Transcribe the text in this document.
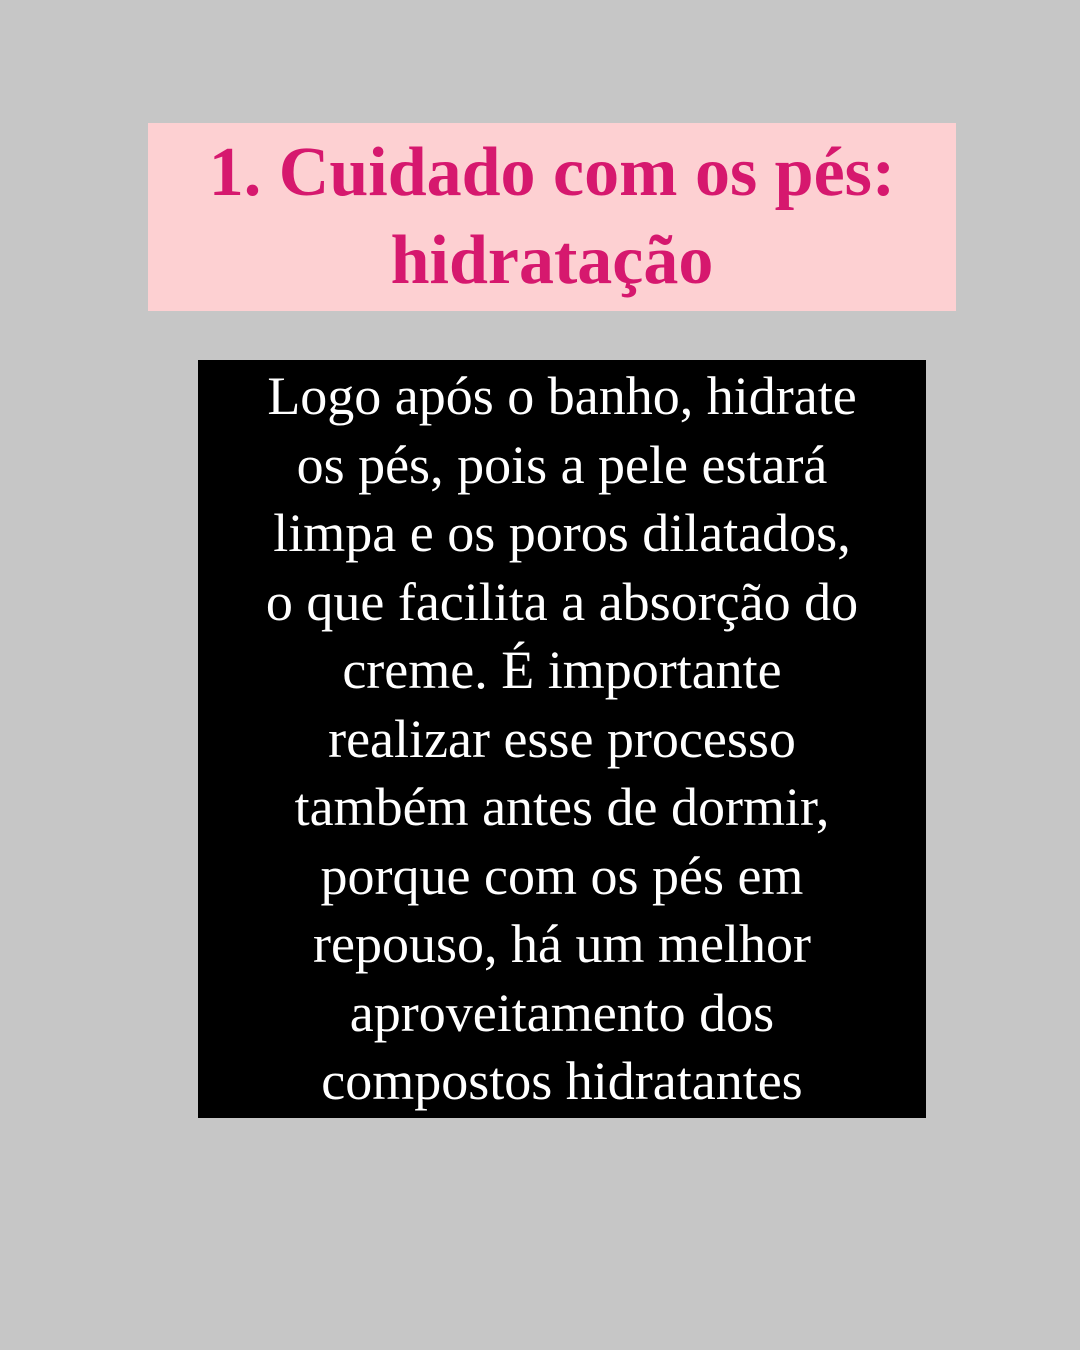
1. Cuidado com os pés:
hidratação

Logo após o banho, hidrate
os pés, pois a pele estará
limpa e os poros dilatados,
o que facilita a absorção do
creme. É importante
realizar esse processo
também antes de dormir,
porque com os pés em
repouso, há um melhor
aproveitamento dos
compostos hidratantes
